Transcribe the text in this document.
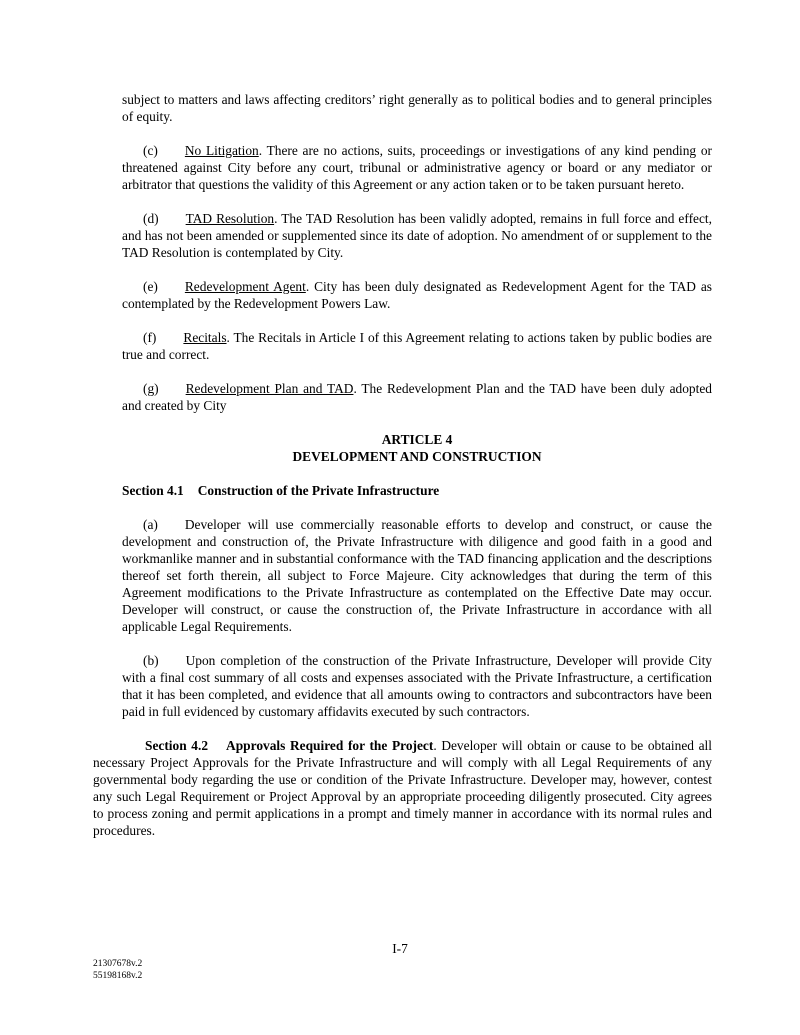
subject to matters and laws affecting creditors’ right generally as to political bodies and to general principles of equity.

(c) No Litigation. There are no actions, suits, proceedings or investigations of any kind pending or threatened against City before any court, tribunal or administrative agency or board or any mediator or arbitrator that questions the validity of this Agreement or any action taken or to be taken pursuant hereto.

(d) TAD Resolution. The TAD Resolution has been validly adopted, remains in full force and effect, and has not been amended or supplemented since its date of adoption. No amendment of or supplement to the TAD Resolution is contemplated by City.

(e) Redevelopment Agent. City has been duly designated as Redevelopment Agent for the TAD as contemplated by the Redevelopment Powers Law.

(f) Recitals. The Recitals in Article I of this Agreement relating to actions taken by public bodies are true and correct.

(g) Redevelopment Plan and TAD. The Redevelopment Plan and the TAD have been duly adopted and created by City

ARTICLE 4
DEVELOPMENT AND CONSTRUCTION

Section 4.1 Construction of the Private Infrastructure

(a) Developer will use commercially reasonable efforts to develop and construct, or cause the development and construction of, the Private Infrastructure with diligence and good faith in a good and workmanlike manner and in substantial conformance with the TAD financing application and the descriptions thereof set forth therein, all subject to Force Majeure. City acknowledges that during the term of this Agreement modifications to the Private Infrastructure as contemplated on the Effective Date may occur. Developer will construct, or cause the construction of, the Private Infrastructure in accordance with all applicable Legal Requirements.

(b) Upon completion of the construction of the Private Infrastructure, Developer will provide City with a final cost summary of all costs and expenses associated with the Private Infrastructure, a certification that it has been completed, and evidence that all amounts owing to contractors and subcontractors have been paid in full evidenced by customary affidavits executed by such contractors.

Section 4.2 Approvals Required for the Project. Developer will obtain or cause to be obtained all necessary Project Approvals for the Private Infrastructure and will comply with all Legal Requirements of any governmental body regarding the use or condition of the Private Infrastructure. Developer may, however, contest any such Legal Requirement or Project Approval by an appropriate proceeding diligently prosecuted. City agrees to process zoning and permit applications in a prompt and timely manner in accordance with its normal rules and procedures.

I-7
21307678v.2
55198168v.2
